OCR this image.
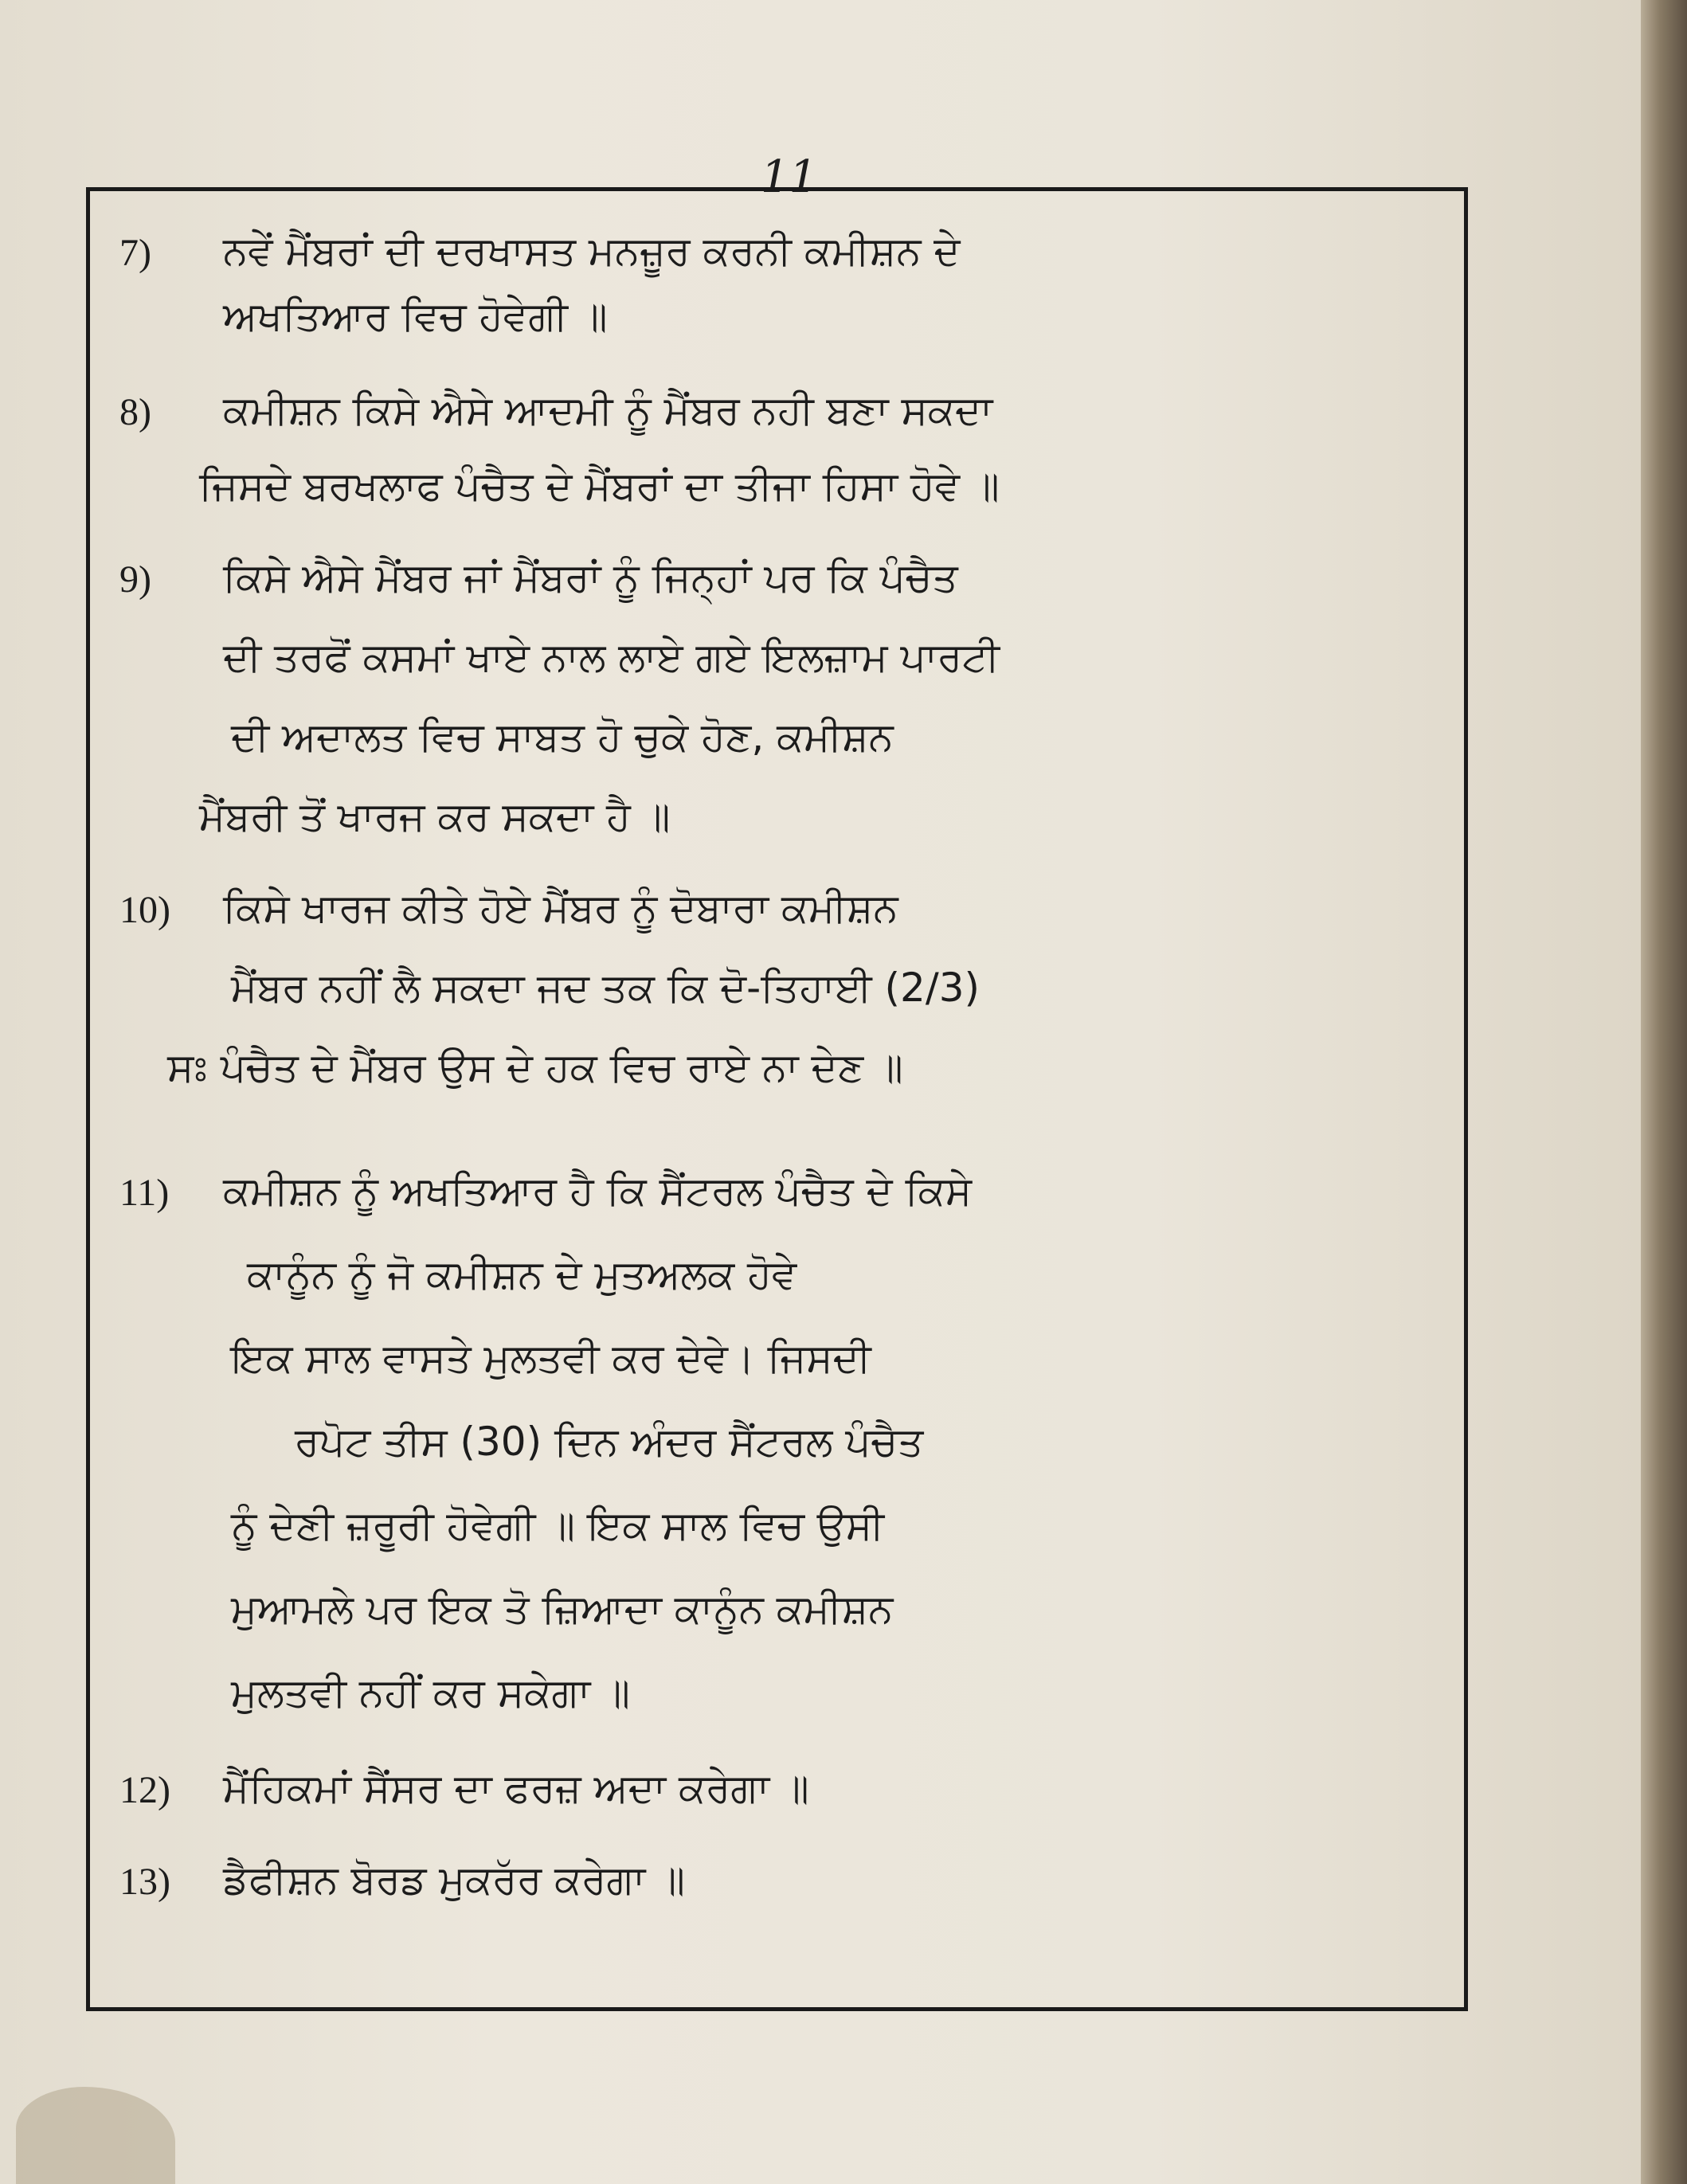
11
7) ਨਵੇਂ ਮੈਂਬਰਾਂ ਦੀ ਦਰਖਾਸਤ ਮਨਜ਼ੂਰ ਕਰਨੀ ਕਮੀਸ਼ਨ ਦੇ
ਅਖਤਿਆਰ ਵਿਚ ਹੋਵੇਗੀ ॥
8) ਕਮੀਸ਼ਨ ਕਿਸੇ ਐਸੇ ਆਦਮੀ ਨੂੰ ਮੈਂਬਰ ਨਹੀ ਬਣਾ ਸਕਦਾ
ਜਿਸਦੇ ਬਰਖਲਾਫ ਪੰਚੈਤ ਦੇ ਮੈਂਬਰਾਂ ਦਾ ਤੀਜਾ ਹਿਸਾ ਹੋਵੇ ॥
9) ਕਿਸੇ ਐਸੇ ਮੈਂਬਰ ਜਾਂ ਮੈਂਬਰਾਂ ਨੂੰ ਜਿਨ੍ਹਾਂ ਪਰ ਕਿ ਪੰਚੈਤ
ਦੀ ਤਰਫੋਂ ਕਸਮਾਂ ਖਾਏ ਨਾਲ ਲਾਏ ਗਏ ਇਲਜ਼ਾਮ ਪਾਰਟੀ
ਦੀ ਅਦਾਲਤ ਵਿਚ ਸਾਬਤ ਹੋ ਚੁਕੇ ਹੋਣ, ਕਮੀਸ਼ਨ
ਮੈਂਬਰੀ ਤੋਂ ਖਾਰਜ ਕਰ ਸਕਦਾ ਹੈ ॥
10) ਕਿਸੇ ਖਾਰਜ ਕੀਤੇ ਹੋਏ ਮੈਂਬਰ ਨੂੰ ਦੋਬਾਰਾ ਕਮੀਸ਼ਨ
ਮੈਂਬਰ ਨਹੀਂ ਲੈ ਸਕਦਾ ਜਦ ਤਕ ਕਿ ਦੋ-ਤਿਹਾਈ (2/3)
ਸਃ ਪੰਚੈਤ ਦੇ ਮੈਂਬਰ ਉਸ ਦੇ ਹਕ ਵਿਚ ਰਾਏ ਨਾ ਦੇਣ ॥
11) ਕਮੀਸ਼ਨ ਨੂੰ ਅਖਤਿਆਰ ਹੈ ਕਿ ਸੈਂਟਰਲ ਪੰਚੈਤ ਦੇ ਕਿਸੇ
ਕਾਨੂੰਨ ਨੂੰ ਜੋ ਕਮੀਸ਼ਨ ਦੇ ਮੁਤਅਲਕ ਹੋਵੇ
ਇਕ ਸਾਲ ਵਾਸਤੇ ਮੁਲਤਵੀ ਕਰ ਦੇਵੇ। ਜਿਸਦੀ
ਰਪੋਟ ਤੀਸ (30) ਦਿਨ ਅੰਦਰ ਸੈਂਟਰਲ ਪੰਚੈਤ
ਨੂੰ ਦੇਣੀ ਜ਼ਰੂਰੀ ਹੋਵੇਗੀ ॥ ਇਕ ਸਾਲ ਵਿਚ ਉਸੀ
ਮੁਆਮਲੇ ਪਰ ਇਕ ਤੋ ਜ਼ਿਆਦਾ ਕਾਨੂੰਨ ਕਮੀਸ਼ਨ
ਮੁਲਤਵੀ ਨਹੀਂ ਕਰ ਸਕੇਗਾ ॥
12) ਮੈਂਹਿਕਮਾਂ ਸੈਂਸਰ ਦਾ ਫਰਜ਼ ਅਦਾ ਕਰੇਗਾ ॥
13) ਡੈਫੀਸ਼ਨ ਬੋਰਡ ਮੁਕਰੱਰ ਕਰੇਗਾ ॥
